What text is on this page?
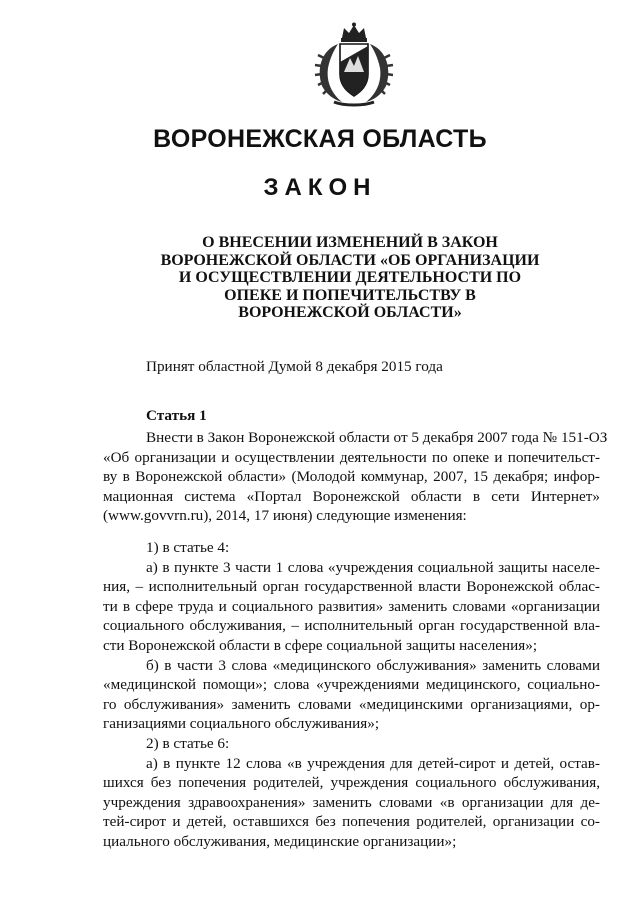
ВОРОНЕЖСКАЯ ОБЛАСТЬ
ЗАКОН
О ВНЕСЕНИИ ИЗМЕНЕНИЙ В ЗАКОН
ВОРОНЕЖСКОЙ ОБЛАСТИ «ОБ ОРГАНИЗАЦИИ
И ОСУЩЕСТВЛЕНИИ ДЕЯТЕЛЬНОСТИ ПО
ОПЕКЕ И ПОПЕЧИТЕЛЬСТВУ В
ВОРОНЕЖСКОЙ ОБЛАСТИ»
Принят областной Думой 8 декабря 2015 года
Статья 1
Внести в Закон Воронежской области от 5 декабря 2007 года № 151-ОЗ
«Об организации и осуществлении деятельности по опеке и попечительст-
ву в Воронежской области» (Молодой коммунар, 2007, 15 декабря; инфор-
мационная система «Портал Воронежской области в сети Интернет»
(www.govvrn.ru), 2014, 17 июня) следующие изменения:
1) в статье 4:
а) в пункте 3 части 1 слова «учреждения социальной защиты населе-
ния, – исполнительный орган государственной власти Воронежской облас-
ти в сфере труда и социального развития» заменить словами «организации
социального обслуживания, – исполнительный орган государственной вла-
сти Воронежской области в сфере социальной защиты населения»;
б) в части 3 слова «медицинского обслуживания» заменить словами
«медицинской помощи»; слова «учреждениями медицинского, социально-
го обслуживания» заменить словами «медицинскими организациями, ор-
ганизациями социального обслуживания»;
2) в статье 6:
а) в пункте 12 слова «в учреждения для детей-сирот и детей, остав-
шихся без попечения родителей, учреждения социального обслуживания,
учреждения здравоохранения» заменить словами «в организации для де-
тей-сирот и детей, оставшихся без попечения родителей, организации со-
циального обслуживания, медицинские организации»;
